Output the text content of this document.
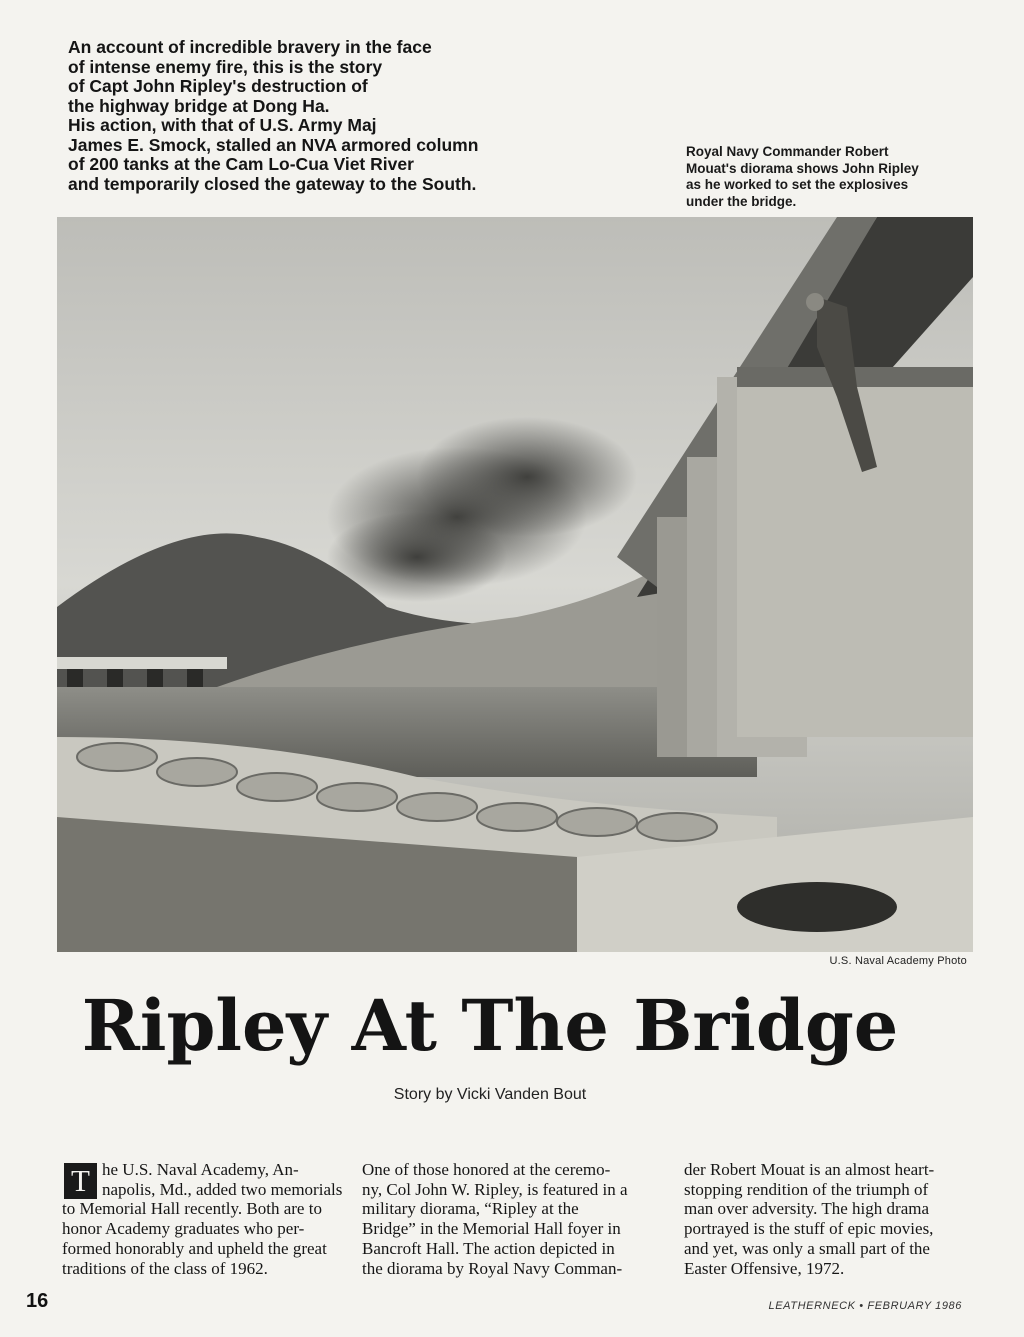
An account of incredible bravery in the face
of intense enemy fire, this is the story
of Capt John Ripley's destruction of
the highway bridge at Dong Ha.
His action, with that of U.S. Army Maj
James E. Smock, stalled an NVA armored column
of 200 tanks at the Cam Lo-Cua Viet River
and temporarily closed the gateway to the South.
Royal Navy Commander Robert
Mouat's diorama shows John Ripley
as he worked to set the explosives
under the bridge.
U.S. Naval Academy Photo
Ripley At The Bridge
Story by Vicki Vanden Bout
T he U.S. Naval Academy, An-
napolis, Md., added two memorials
to Memorial Hall recently. Both are to
honor Academy graduates who per-
formed honorably and upheld the great
traditions of the class of 1962.
One of those honored at the ceremo-
ny, Col John W. Ripley, is featured in a
military diorama, “Ripley at the
Bridge” in the Memorial Hall foyer in
Bancroft Hall. The action depicted in
the diorama by Royal Navy Comman-
der Robert Mouat is an almost heart-
stopping rendition of the triumph of
man over adversity. The high drama
portrayed is the stuff of epic movies,
and yet, was only a small part of the
Easter Offensive, 1972.
16	LEATHERNECK • FEBRUARY 1986
